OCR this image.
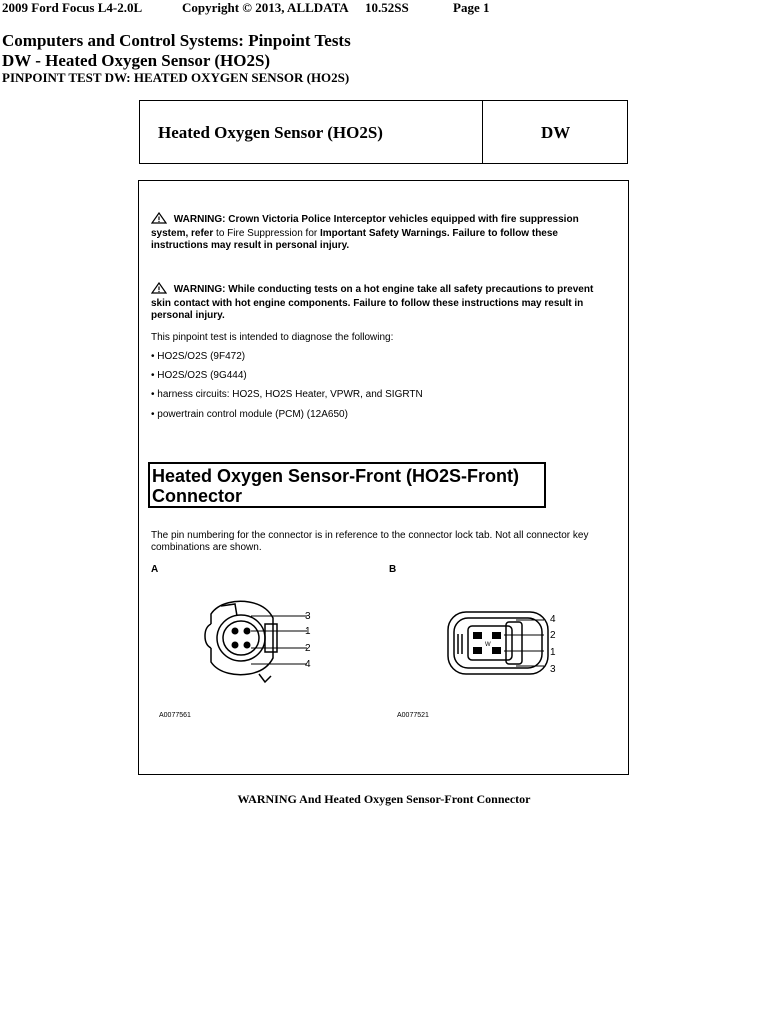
2009 Ford Focus L4-2.0L	Copyright © 2013, ALLDATA 10.52SS	Page 1
Computers and Control Systems: Pinpoint Tests
DW - Heated Oxygen Sensor (HO2S)
PINPOINT TEST DW: HEATED OXYGEN SENSOR (HO2S)
Heated Oxygen Sensor (HO2S)	DW
WARNING: Crown Victoria Police Interceptor vehicles equipped with fire suppression system, refer to Fire Suppression for Important Safety Warnings. Failure to follow these instructions may result in personal injury.
WARNING: While conducting tests on a hot engine take all safety precautions to prevent skin contact with hot engine components. Failure to follow these instructions may result in personal injury.
This pinpoint test is intended to diagnose the following:
• HO2S/O2S (9F472)
• HO2S/O2S (9G444)
• harness circuits: HO2S, HO2S Heater, VPWR, and SIGRTN
• powertrain control module (PCM) (12A650)
Heated Oxygen Sensor-Front (HO2S-Front) Connector
The pin numbering for the connector is in reference to the connector lock tab. Not all connector key combinations are shown.
A	B
3
1
2
4
W
4
2
1
3
A0077561	A0077521
WARNING And Heated Oxygen Sensor-Front Connector
